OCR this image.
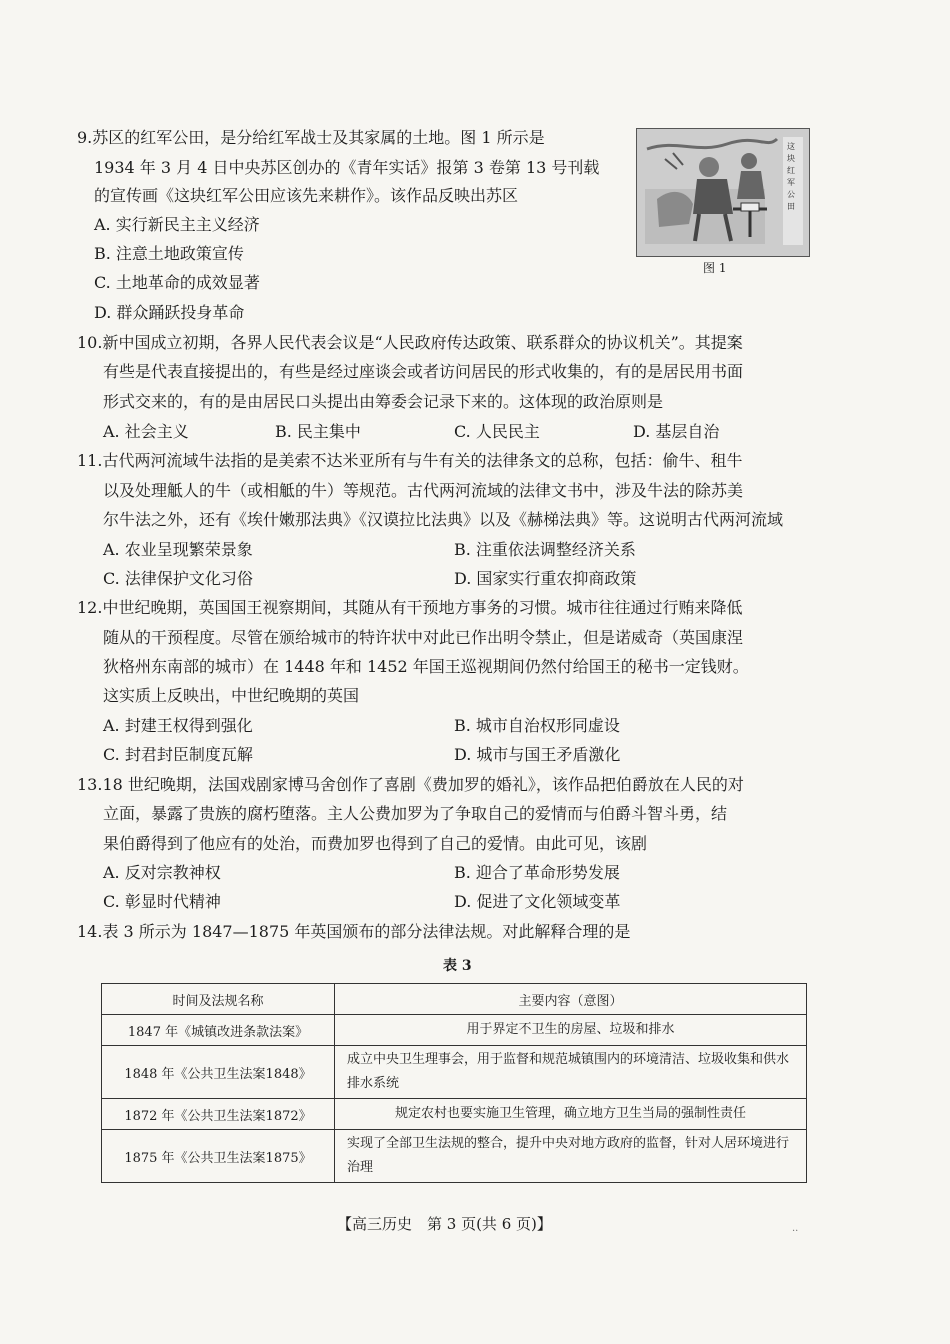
9.苏区的红军公田，是分给红军战士及其家属的土地。图 1 所示是
1934 年 3 月 4 日中央苏区创办的《青年实话》报第 3 卷第 13 号刊载
的宣传画《这块红军公田应该先来耕作》。该作品反映出苏区
A. 实行新民主主义经济
B. 注意土地政策宣传
C. 土地革命的成效显著
D. 群众踊跃投身革命
这
块
红
军
公
田
图 1
10.新中国成立初期，各界人民代表会议是“人民政府传达政策、联系群众的协议机关”。其提案
有些是代表直接提出的，有些是经过座谈会或者访问居民的形式收集的，有的是居民用书面
形式交来的，有的是由居民口头提出由筹委会记录下来的。这体现的政治原则是
A. 社会主义	B. 民主集中	C. 人民民主	D. 基层自治
11.古代两河流域牛法指的是美索不达米亚所有与牛有关的法律条文的总称，包括：偷牛、租牛
以及处理觝人的牛（或相觝的牛）等规范。古代两河流域的法律文书中，涉及牛法的除苏美
尔牛法之外，还有《埃什嫩那法典》《汉谟拉比法典》以及《赫梯法典》等。这说明古代两河流域
A. 农业呈现繁荣景象	B. 注重依法调整经济关系
C. 法律保护文化习俗	D. 国家实行重农抑商政策
12.中世纪晚期，英国国王视察期间，其随从有干预地方事务的习惯。城市往往通过行贿来降低
随从的干预程度。尽管在颁给城市的特许状中对此已作出明令禁止，但是诺威奇（英国康涅
狄格州东南部的城市）在 1448 年和 1452 年国王巡视期间仍然付给国王的秘书一定钱财。
这实质上反映出，中世纪晚期的英国
A. 封建王权得到强化	B. 城市自治权形同虚设
C. 封君封臣制度瓦解	D. 城市与国王矛盾激化
13.18 世纪晚期，法国戏剧家博马舍创作了喜剧《费加罗的婚礼》，该作品把伯爵放在人民的对
立面，暴露了贵族的腐朽堕落。主人公费加罗为了争取自己的爱情而与伯爵斗智斗勇，结
果伯爵得到了他应有的处治，而费加罗也得到了自己的爱情。由此可见，该剧
A. 反对宗教神权	B. 迎合了革命形势发展
C. 彰显时代精神	D. 促进了文化领域变革
14.表 3 所示为 1847—1875 年英国颁布的部分法律法规。对此解释合理的是
表 3
时间及法规名称	主要内容（意图）
1847 年《城镇改进条款法案》	用于界定不卫生的房屋、垃圾和排水
1848 年《公共卫生法案1848》	成立中央卫生理事会，用于监督和规范城镇围内的环境清洁、垃圾收集和供水排水系统
1872 年《公共卫生法案1872》	规定农村也要实施卫生管理，确立地方卫生当局的强制性责任
1875 年《公共卫生法案1875》	实现了全部卫生法规的整合，提升中央对地方政府的监督，针对人居环境进行治理
【高三历史　第 3 页(共 6 页)】	··
